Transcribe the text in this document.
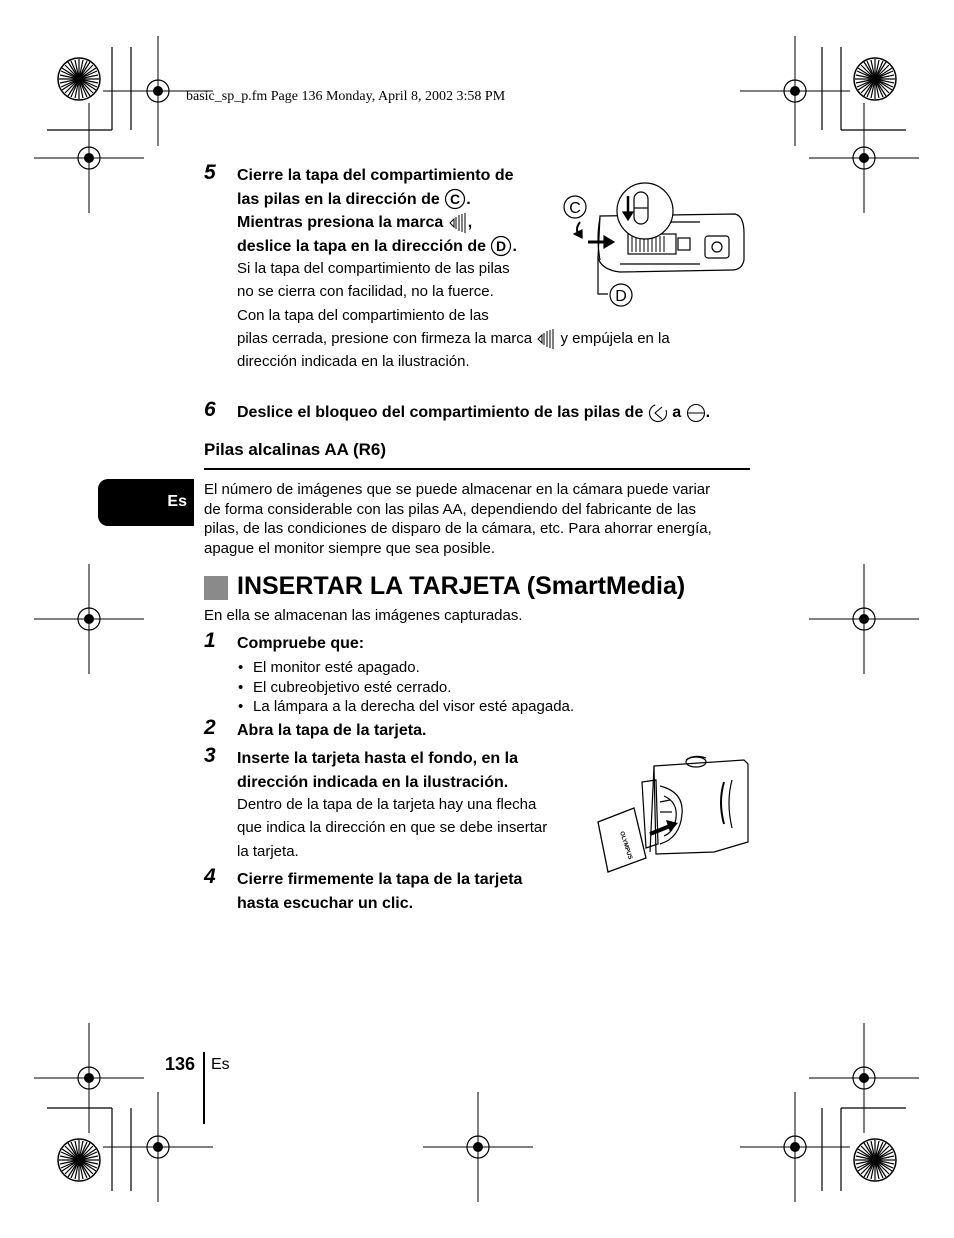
basic_sp_p.fm Page 136 Monday, April 8, 2002 3:58 PM
5 Cierre la tapa del compartimiento de
las pilas en la dirección de C .
Mientras presiona la marca ,
deslice la tapa en la dirección de D .
Si la tapa del compartimiento de las pilas
no se cierra con facilidad, no la fuerce.
Con la tapa del compartimiento de las
pilas cerrada, presione con firmeza la marca y empújela en la
dirección indicada en la ilustración.
C
D
6 Deslice el bloqueo del compartimiento de las pilas de a .
Pilas alcalinas AA (R6)
Es
El número de imágenes que se puede almacenar en la cámara puede variar
de forma considerable con las pilas AA, dependiendo del fabricante de las
pilas, de las condiciones de disparo de la cámara, etc. Para ahorrar energía,
apague el monitor siempre que sea posible.
INSERTAR LA TARJETA (SmartMedia)
En ella se almacenan las imágenes capturadas.
1 Compruebe que:
• El monitor esté apagado.
• El cubreobjetivo esté cerrado.
• La lámpara a la derecha del visor esté apagada.
2 Abra la tapa de la tarjeta.
3 Inserte la tarjeta hasta el fondo, en la
dirección indicada en la ilustración.
Dentro de la tapa de la tarjeta hay una flecha
que indica la dirección en que se debe insertar
la tarjeta.	OLYMPUS
4 Cierre firmemente la tapa de la tarjeta
hasta escuchar un clic.
136 Es
